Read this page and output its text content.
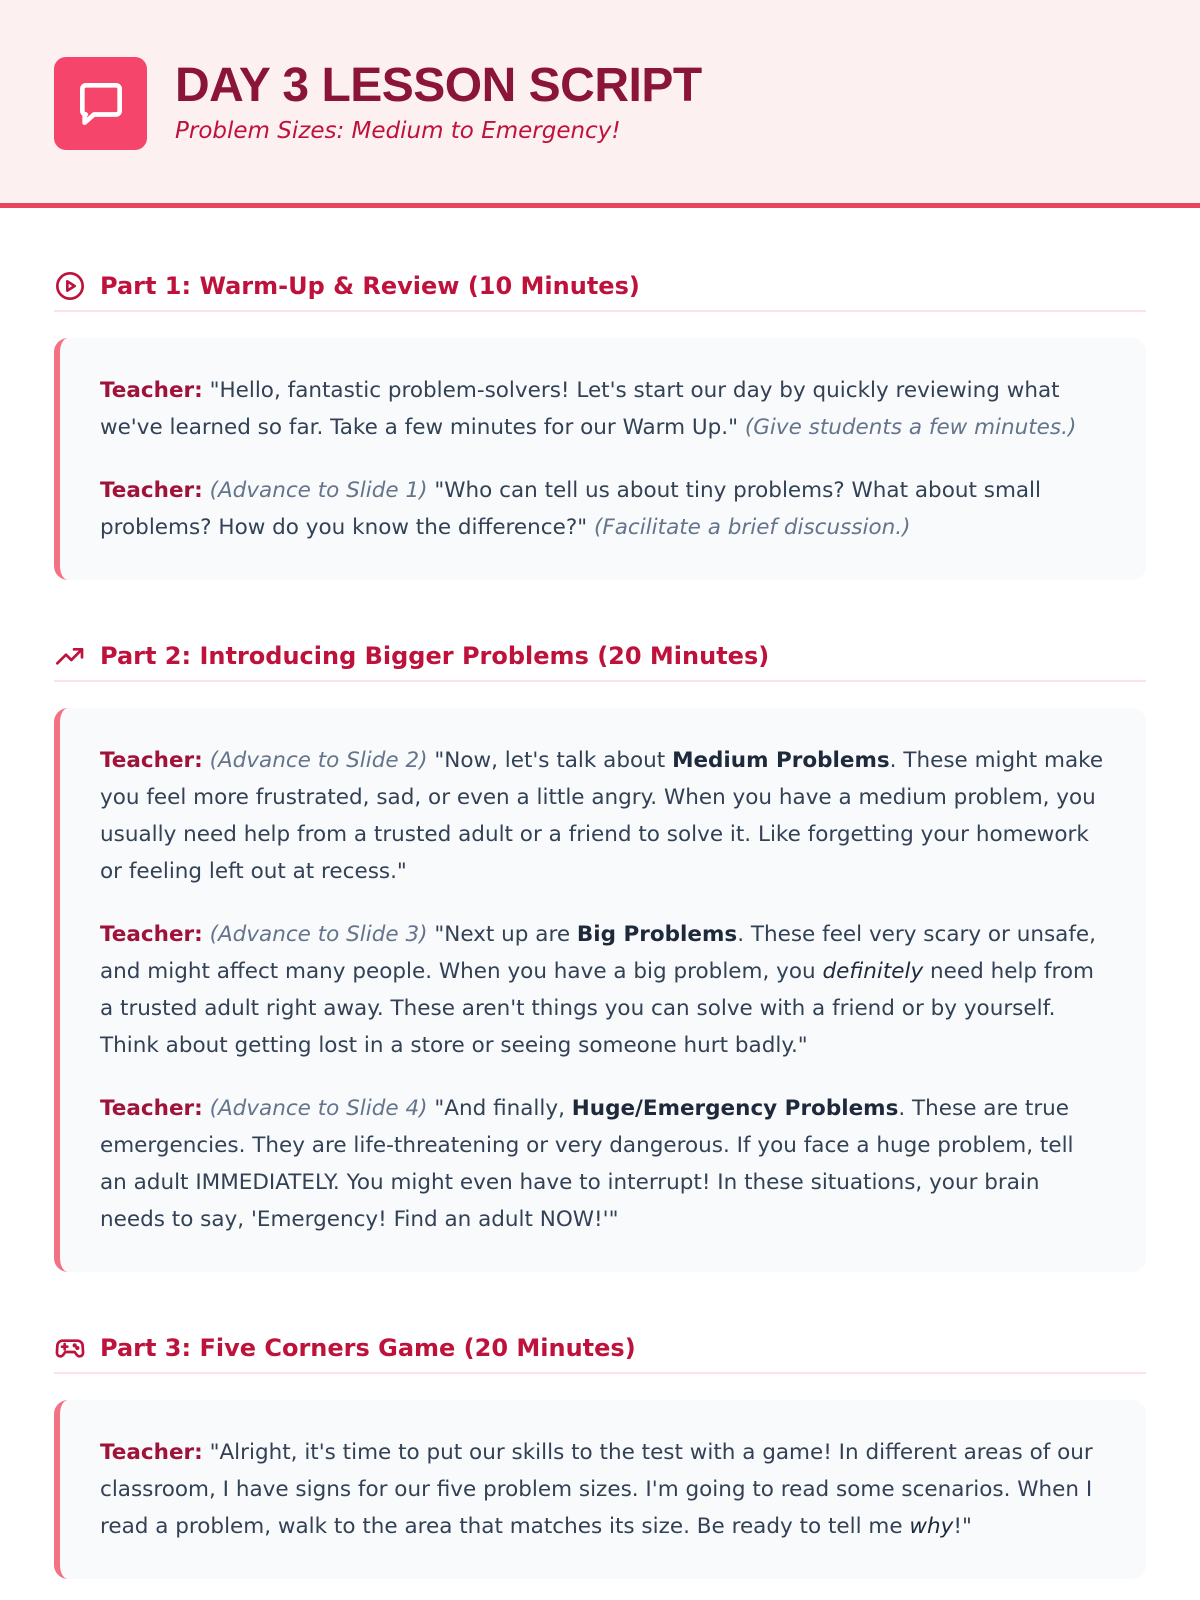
DAY 3 LESSON SCRIPT

Problem Sizes: Medium to Emergency!

Part 1: Warm-Up & Review (10 Minutes)

Teacher: "Hello, fantastic problem-solvers! Let's start our day by quickly reviewing what we've learned so far. Take a few minutes for our Warm Up." (Give students a few minutes.)

Teacher: (Advance to Slide 1) "Who can tell us about tiny problems? What about small problems? How do you know the difference?" (Facilitate a brief discussion.)

Part 2: Introducing Bigger Problems (20 Minutes)

Teacher: (Advance to Slide 2) "Now, let's talk about Medium Problems. These might make you feel more frustrated, sad, or even a little angry. When you have a medium problem, you usually need help from a trusted adult or a friend to solve it. Like forgetting your homework or feeling left out at recess."

Teacher: (Advance to Slide 3) "Next up are Big Problems. These feel very scary or unsafe, and might affect many people. When you have a big problem, you definitely need help from a trusted adult right away. These aren't things you can solve with a friend or by yourself. Think about getting lost in a store or seeing someone hurt badly."

Teacher: (Advance to Slide 4) "And finally, Huge/Emergency Problems. These are true emergencies. They are life-threatening or very dangerous. If you face a huge problem, tell an adult IMMEDIATELY. You might even have to interrupt! In these situations, your brain needs to say, 'Emergency! Find an adult NOW!'"

Part 3: Five Corners Game (20 Minutes)

Teacher: "Alright, it's time to put our skills to the test with a game! In different areas of our classroom, I have signs for our five problem sizes. I'm going to read some scenarios. When I read a problem, walk to the area that matches its size. Be ready to tell me why!"
